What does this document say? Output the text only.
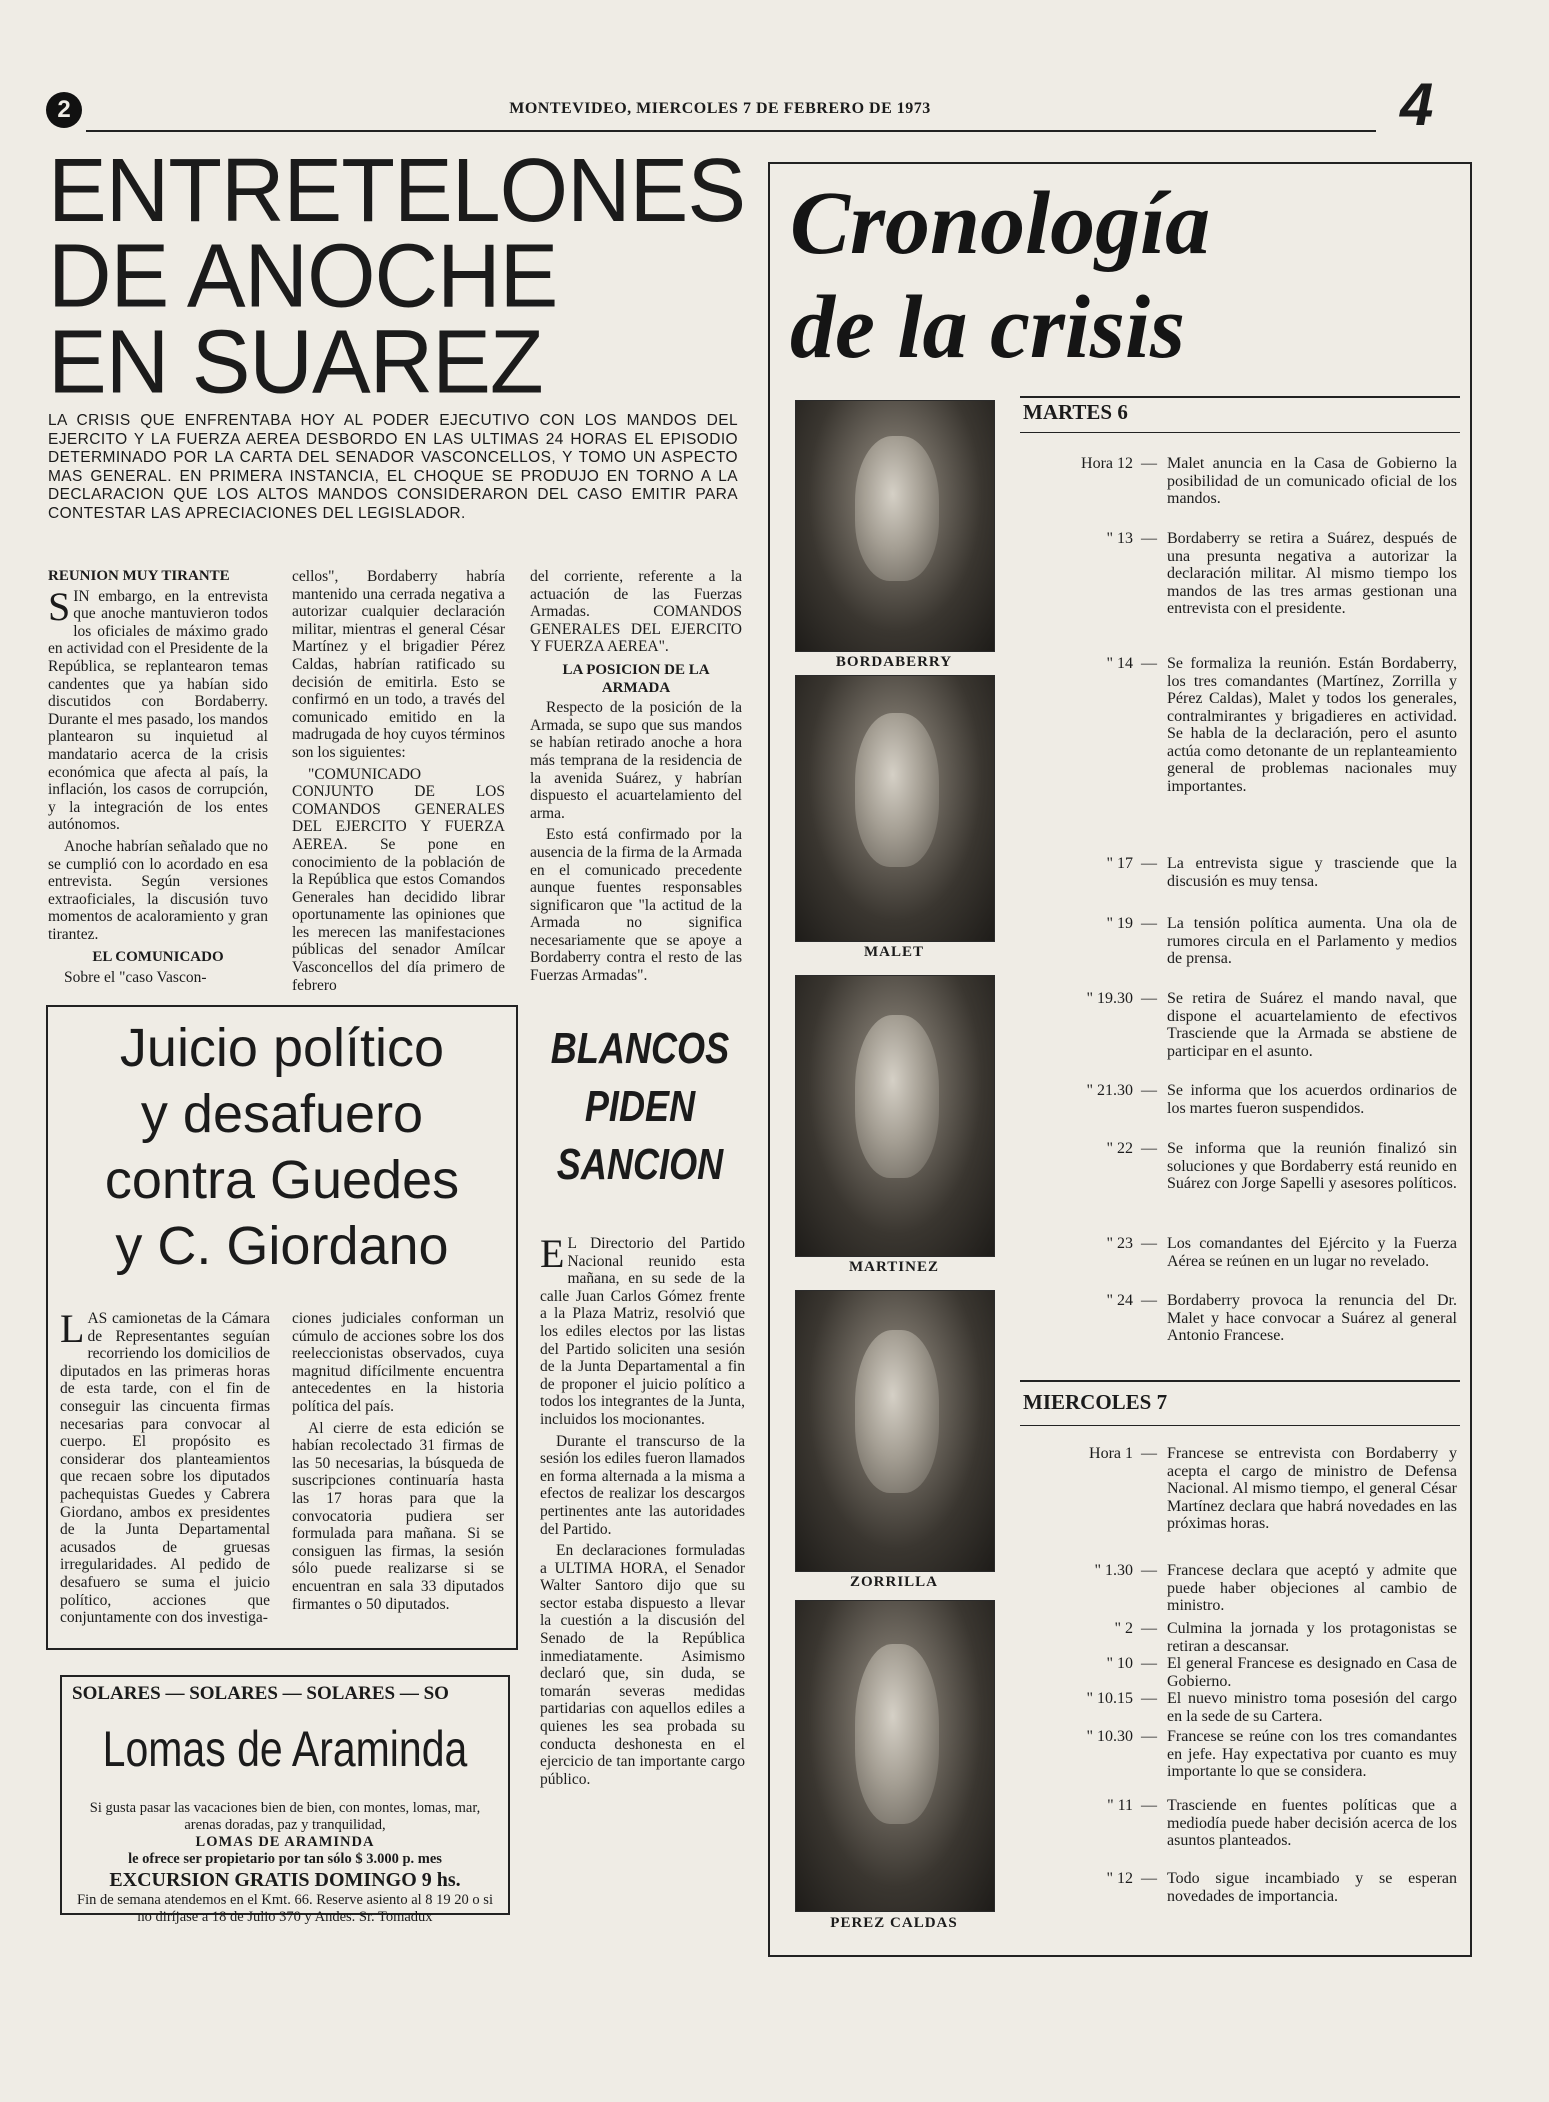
2	MONTEVIDEO, MIERCOLES 7 DE FEBRERO DE 1973	4
ENTRETELONES
DE ANOCHE
EN SUAREZ
LA CRISIS QUE ENFRENTABA HOY AL PODER EJECUTIVO CON LOS MANDOS DEL EJERCITO Y LA FUERZA AEREA DESBORDO EN LAS ULTIMAS 24 HORAS EL EPISODIO DETERMINADO POR LA CARTA DEL SENADOR VASCONCELLOS, Y TOMO UN ASPECTO MAS GENERAL. EN PRIMERA INSTANCIA, EL CHOQUE SE PRODUJO EN TORNO A LA DECLARACION QUE LOS ALTOS MANDOS CONSIDERARON DEL CASO EMITIR PARA CONTESTAR LAS APRECIACIONES DEL LEGISLADOR.
REUNION MUY TIRANTE

SIN embargo, en la entrevista que anoche mantuvieron todos los oficiales de máximo grado en actividad con el Presidente de la República, se replantearon temas candentes que ya habían sido discutidos con Bordaberry. Durante el mes pasado, los mandos plantearon su inquietud al mandatario acerca de la crisis económica que afecta al país, la inflación, los casos de corrupción, y la integración de los entes autónomos.

Anoche habrían señalado que no se cumplió con lo acordado en esa entrevista. Según versiones extraoficiales, la discusión tuvo momentos de acaloramiento y gran tirantez.

EL COMUNICADO

Sobre el "caso Vascon-

cellos", Bordaberry habría mantenido una cerrada negativa a autorizar cualquier declaración militar, mientras el general César Martínez y el brigadier Pérez Caldas, habrían ratificado su decisión de emitirla. Esto se confirmó en un todo, a través del comunicado emitido en la madrugada de hoy cuyos términos son los siguientes:

"COMUNICADO CONJUNTO DE LOS COMANDOS GENERALES DEL EJERCITO Y FUERZA AEREA. Se pone en conocimiento de la población de la República que estos Comandos Generales han decidido librar oportunamente las opiniones que les merecen las manifestaciones públicas del senador Amílcar Vasconcellos del día primero de febrero

del corriente, referente a la actuación de las Fuerzas Armadas. COMANDOS GENERALES DEL EJERCITO Y FUERZA AEREA".

LA POSICION DE LA ARMADA

Respecto de la posición de la Armada, se supo que sus mandos se habían retirado anoche a hora más temprana de la residencia de la avenida Suárez, y habrían dispuesto el acuartelamiento del arma.

Esto está confirmado por la ausencia de la firma de la Armada en el comunicado precedente aunque fuentes responsables significaron que "la actitud de la Armada no significa necesariamente que se apoye a Bordaberry contra el resto de las Fuerzas Armadas".

Juicio político
y desafuero
contra Guedes
y C. Giordano

LAS camionetas de la Cámara de Representantes seguían recorriendo los domicilios de diputados en las primeras horas de esta tarde, con el fin de conseguir las cincuenta firmas necesarias para convocar al cuerpo. El propósito es considerar dos planteamientos que recaen sobre los diputados pachequistas Guedes y Cabrera Giordano, ambos ex presidentes de la Junta Departamental acusados de gruesas irregularidades. Al pedido de desafuero se suma el juicio político, acciones que conjuntamente con dos investiga-

ciones judiciales conforman un cúmulo de acciones sobre los dos reeleccionistas observados, cuya magnitud difícilmente encuentra antecedentes en la historia política del país.

Al cierre de esta edición se habían recolectado 31 firmas de las 50 necesarias, la búsqueda de suscripciones continuaría hasta las 17 horas para que la convocatoria pudiera ser formulada para mañana. Si se consiguen las firmas, la sesión sólo puede realizarse si se encuentran en sala 33 diputados firmantes o 50 diputados.

BLANCOS
PIDEN
SANCION

E L Directorio del Partido Nacional reunido esta mañana, en su sede de la calle Juan Carlos Gómez frente a la Plaza Matriz, resolvió que los ediles electos por las listas del Partido soliciten una sesión de la Junta Departamental a fin de proponer el juicio político a todos los integrantes de la Junta, incluidos los mocionantes.

Durante el transcurso de la sesión los ediles fueron llamados en forma alternada a la misma a efectos de realizar los descargos pertinentes ante las autoridades del Partido.

En declaraciones formuladas a ULTIMA HORA, el Senador Walter Santoro dijo que su sector estaba dispuesto a llevar la cuestión a la discusión del Senado de la República inmediatamente. Asimismo declaró que, sin duda, se tomarán severas medidas partidarias con aquellos ediles a quienes les sea probada su conducta deshonesta en el ejercicio de tan importante cargo público.

SOLARES — SOLARES — SOLARES — SO
Lomas de Araminda
Si gusta pasar las vacaciones bien de bien, con montes, lomas, mar, arenas doradas, paz y tranquilidad,
LOMAS DE ARAMINDA
le ofrece ser propietario por tan sólo $ 3.000 p. mes
EXCURSION GRATIS DOMINGO 9 hs.
Fin de semana atendemos en el Kmt. 66. Reserve asiento al 8 19 20 o si no diríjase a 18 de Julio 370 y Andes. Sr. Tomadux
Cronología
de la crisis
BORDABERRY
MALET
MARTINEZ
ZORRILLA
PEREZ CALDAS
MARTES 6
Hora 12 — Malet anuncia en la Casa de Gobierno la posibilidad de un comunicado oficial de los mandos.
" 13 — Bordaberry se retira a Suárez, después de una presunta negativa a autorizar la declaración militar. Al mismo tiempo los mandos de las tres armas gestionan una entrevista con el presidente.
" 14 — Se formaliza la reunión. Están Bordaberry, los tres comandantes (Martínez, Zorrilla y Pérez Caldas), Malet y todos los generales, contralmirantes y brigadieres en actividad. Se habla de la declaración, pero el asunto actúa como detonante de un replanteamiento general de problemas nacionales muy importantes.
" 17 — La entrevista sigue y trasciende que la discusión es muy tensa.
" 19 — La tensión política aumenta. Una ola de rumores circula en el Parlamento y medios de prensa.
" 19.30 — Se retira de Suárez el mando naval, que dispone el acuartelamiento de efectivos Trasciende que la Armada se abstiene de participar en el asunto.
" 21.30 — Se informa que los acuerdos ordinarios de los martes fueron suspendidos.
" 22 — Se informa que la reunión finalizó sin soluciones y que Bordaberry está reunido en Suárez con Jorge Sapelli y asesores políticos.
" 23 — Los comandantes del Ejército y la Fuerza Aérea se reúnen en un lugar no revelado.
" 24 — Bordaberry provoca la renuncia del Dr. Malet y hace convocar a Suárez al general Antonio Francese.
MIERCOLES 7
Hora 1 — Francese se entrevista con Bordaberry y acepta el cargo de ministro de Defensa Nacional. Al mismo tiempo, el general César Martínez declara que habrá novedades en las próximas horas.
" 1.30 — Francese declara que aceptó y admite que puede haber objeciones al cambio de ministro.
" 2 — Culmina la jornada y los protagonistas se retiran a descansar.
" 10 — El general Francese es designado en Casa de Gobierno.
" 10.15 — El nuevo ministro toma posesión del cargo en la sede de su Cartera.
" 10.30 — Francese se reúne con los tres comandantes en jefe. Hay expectativa por cuanto es muy importante lo que se considera.
" 11 — Trasciende en fuentes políticas que a mediodía puede haber decisión acerca de los asuntos planteados.
" 12 — Todo sigue incambiado y se esperan novedades de importancia.
